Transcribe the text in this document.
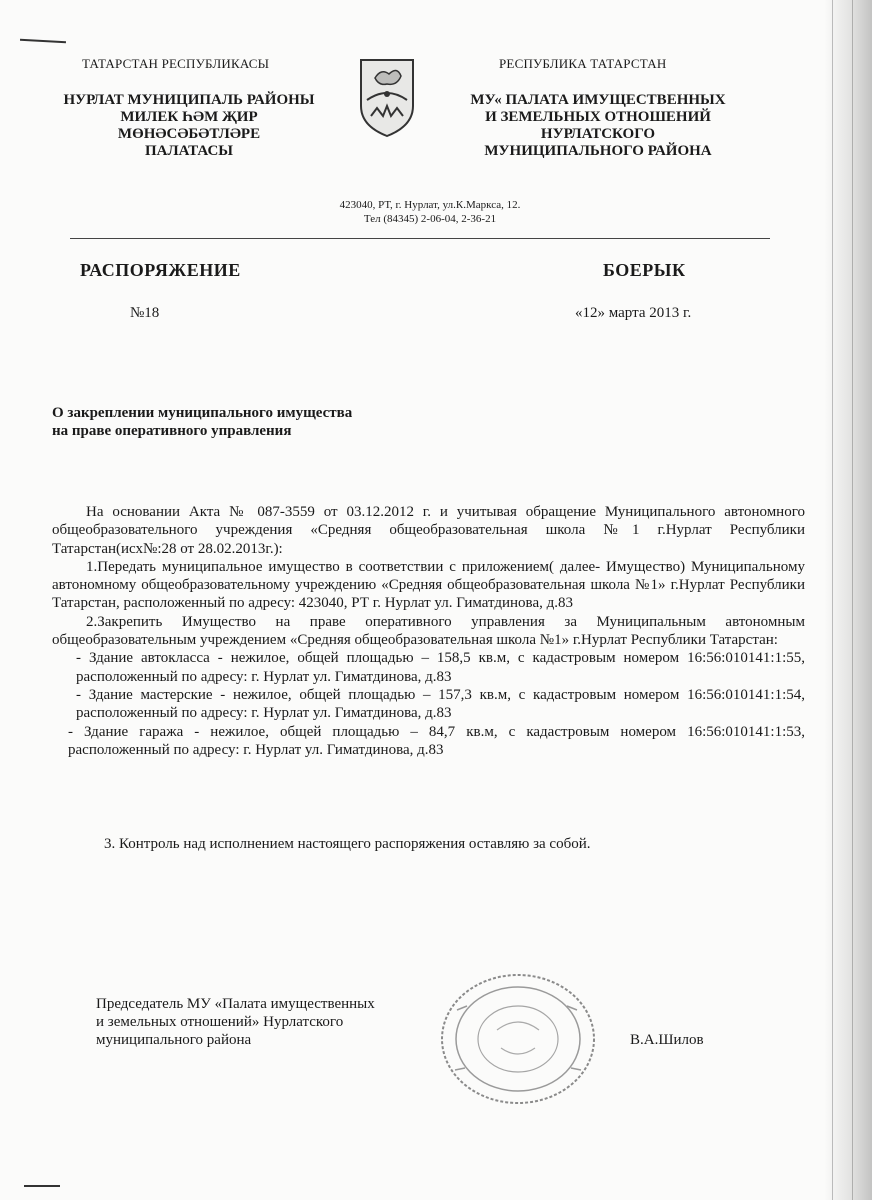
ТАТАРСТАН РЕСПУБЛИКАСЫ
НУРЛАТ МУНИЦИПАЛЬ РАЙОНЫ
МИЛЕК ҺӘМ ҖИР
МӨНӘСӘБӘТЛӘРЕ
ПАЛАТАСЫ
РЕСПУБЛИКА ТАТАРСТАН
МУ« ПАЛАТА ИМУЩЕСТВЕННЫХ
И ЗЕМЕЛЬНЫХ ОТНОШЕНИЙ
НУРЛАТСКОГО
МУНИЦИПАЛЬНОГО РАЙОНА
423040, РТ, г. Нурлат, ул.К.Маркса, 12.
Тел (84345) 2-06-04, 2-36-21
РАСПОРЯЖЕНИЕ	БОЕРЫК
№18	«12» марта 2013 г.
О закреплении муниципального имущества
на праве оперативного управления

На основании Акта № 087-3559 от 03.12.2012 г. и учитывая обращение Муниципального автономного общеобразовательного учреждения «Средняя общеобразовательная школа №1 г.Нурлат Республики Татарстан(исх№:28 от 28.02.2013г.):

1.Передать муниципальное имущество в соответствии с приложением( далее- Имущество) Муниципальному автономному общеобразовательному учреждению «Средняя общеобразовательная школа №1» г.Нурлат Республики Татарстан, расположенный по адресу: 423040, РТ г. Нурлат ул. Гиматдинова, д.83

2.Закрепить Имущество на праве оперативного управления за Муниципальным автономным общеобразовательным учреждением «Средняя общеобразовательная школа №1» г.Нурлат Республики Татарстан:

- Здание автокласса - нежилое, общей площадью – 158,5 кв.м, с кадастровым номером 16:56:010141:1:55, расположенный по адресу: г. Нурлат ул. Гиматдинова, д.83

- Здание мастерские - нежилое, общей площадью – 157,3 кв.м, с кадастровым номером 16:56:010141:1:54, расположенный по адресу: г. Нурлат ул. Гиматдинова, д.83

- Здание гаража - нежилое, общей площадью – 84,7 кв.м, с кадастровым номером 16:56:010141:1:53, расположенный по адресу: г. Нурлат ул. Гиматдинова, д.83

3. Контроль над исполнением настоящего распоряжения оставляю за собой.
Председатель МУ «Палата имущественных
и земельных отношений» Нурлатского
муниципального района	В.А.Шилов
